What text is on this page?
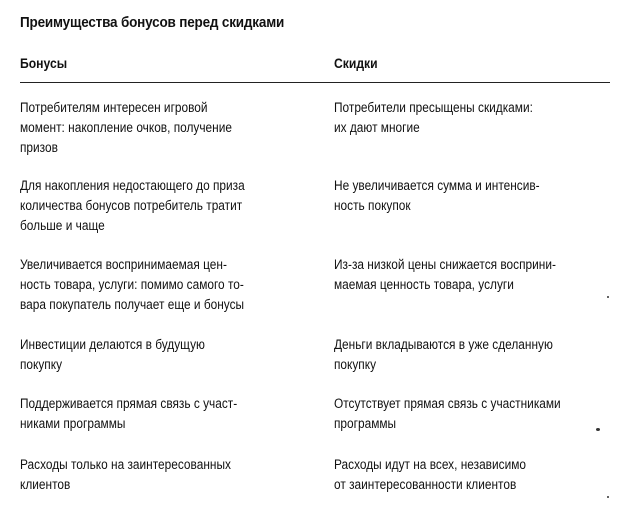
Преимущества бонусов перед скидками
Бонусы	Скидки
Потребителям интересен игровой
момент: накопление очков, получение
призов
Потребители пресыщены скидками:
их дают многие
Для накопления недостающего до приза
количества бонусов потребитель тратит
больше и чаще
Не увеличивается сумма и интенсив-
ность покупок
Увеличивается воспринимаемая цен-
ность товара, услуги: помимо самого то-
вара покупатель получает еще и бонусы
Из-за низкой цены снижается восприни-
маемая ценность товара, услуги
Инвестиции делаются в будущую
покупку
Деньги вкладываются в уже сделанную
покупку
Поддерживается прямая связь с участ-
никами программы
Отсутствует прямая связь с участниками
программы
Расходы только на заинтересованных
клиентов
Расходы идут на всех, независимо
от заинтересованности клиентов
